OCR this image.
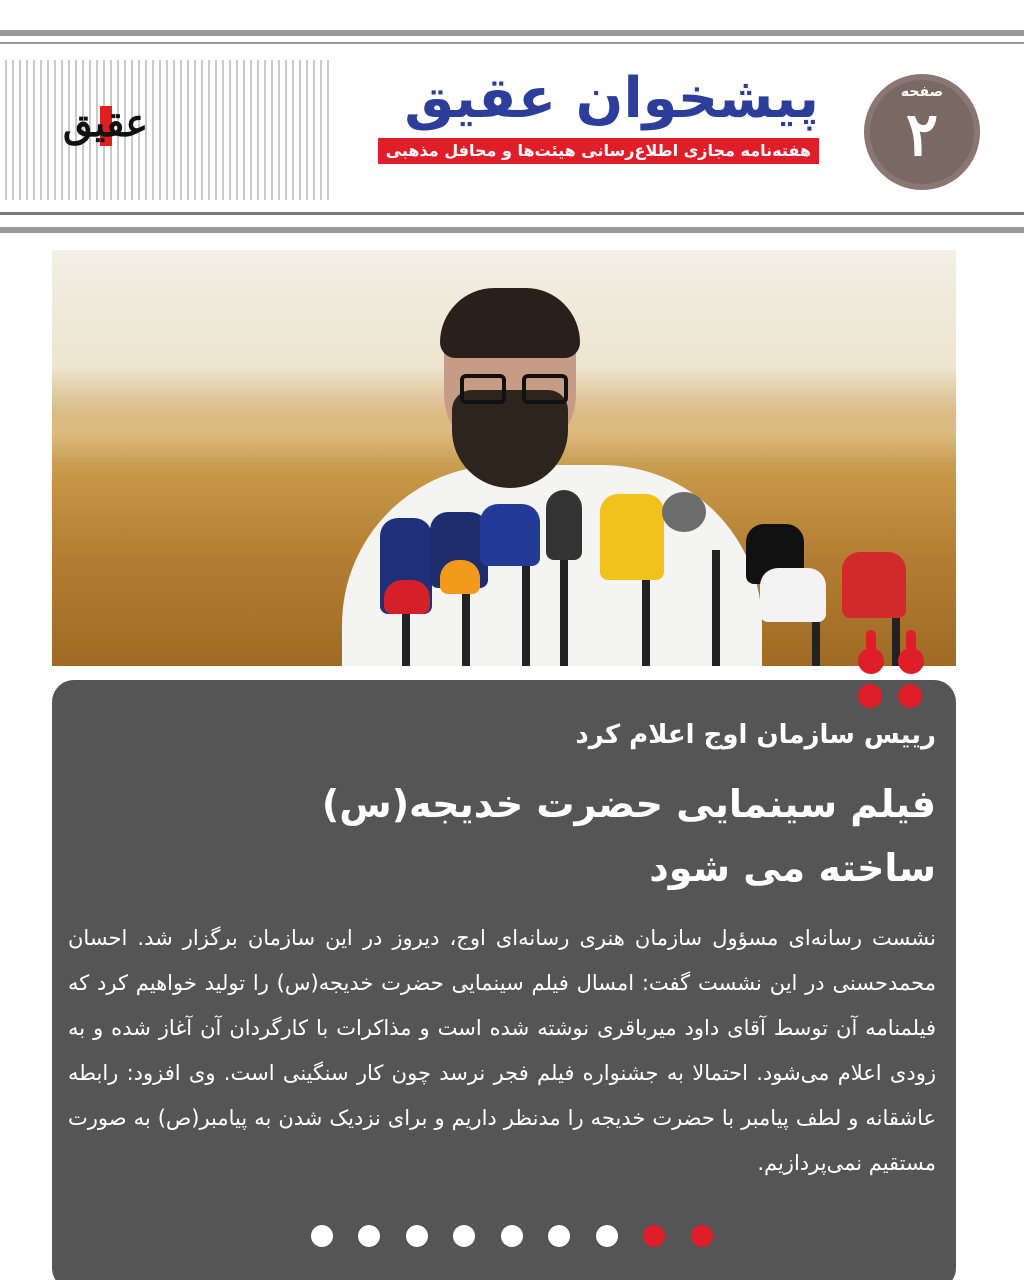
عقیق	پیشخوان عقیق
هفته‌نامه مجازی اطلاع‌رسانی هیئت‌ها و محافل مذهبی
صفحه
۲
رییس سازمان اوج اعلام کرد
فیلم سینمایی حضرت خدیجه(س)
ساخته می شود
نشست رسانه‌ای مسؤول سازمان هنری رسانه‌ای اوج، دیروز در این سازمان برگزار شد. احسان محمدحسنی در این نشست گفت: امسال فیلم سینمایی حضرت خدیجه(س) را تولید خواهیم کرد که فیلمنامه آن توسط آقای داود میرباقری نوشته شده است و مذاکرات با کارگردان آن آغاز شده و به زودی اعلام می‌شود. احتمالا به جشنواره فیلم فجر نرسد چون کار سنگینی است. وی افزود: رابطه عاشقانه و لطف پیامبر با حضرت خدیجه را مدنظر داریم و برای نزدیک شدن به پیامبر(ص) به صورت مستقیم نمی‌پردازیم.
